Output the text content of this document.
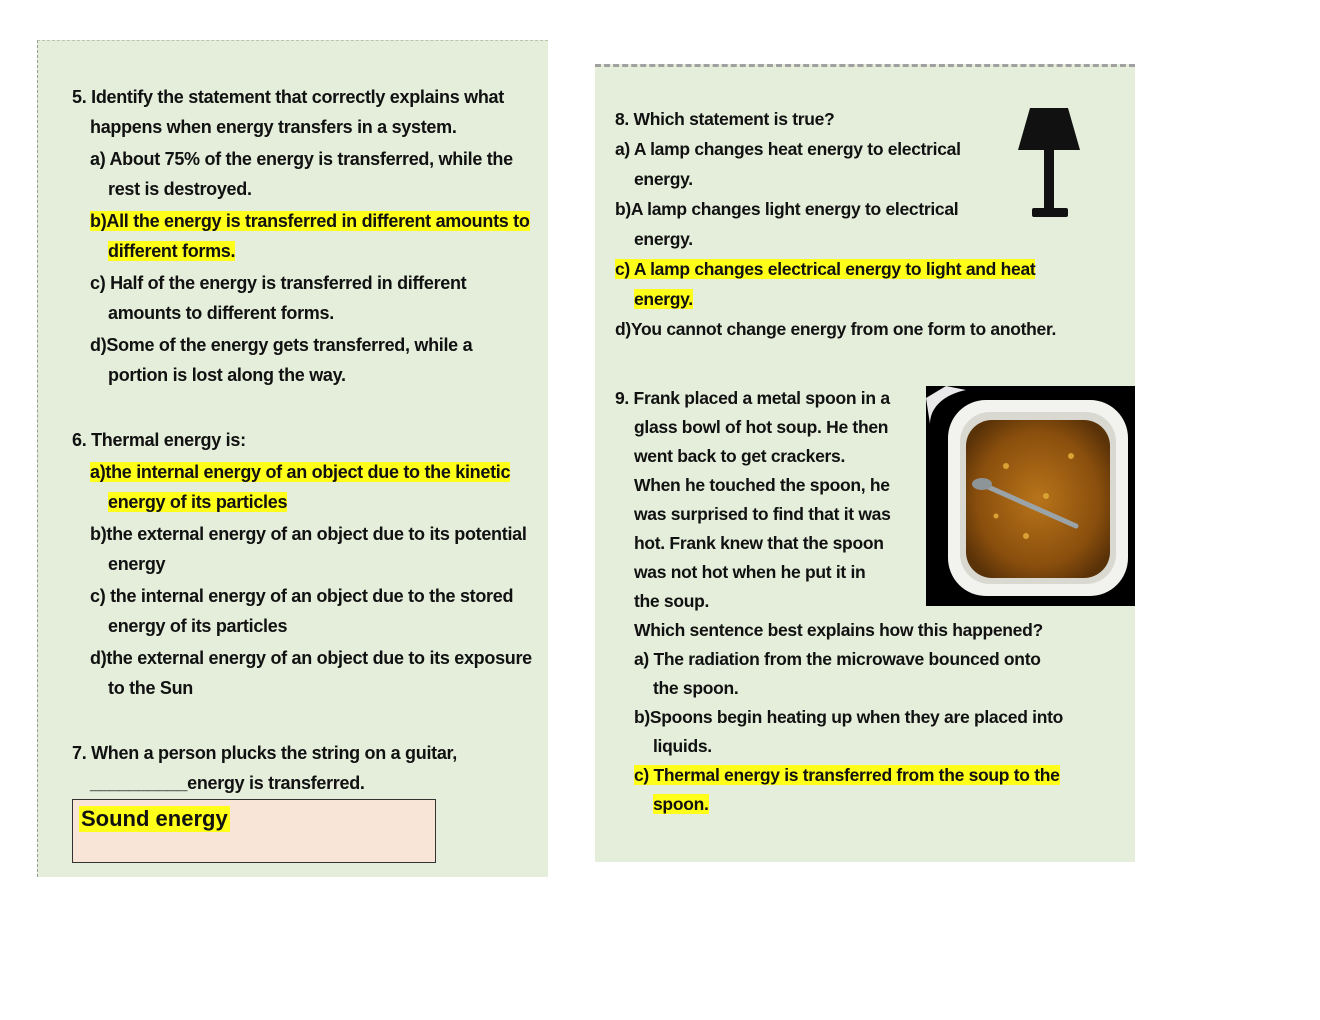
5. Identify the statement that correctly explains what
happens when energy transfers in a system.
a) About 75% of the energy is transferred, while the
rest is destroyed.
b)All the energy is transferred in different amounts to
different forms.
c) Half of the energy is transferred in different
amounts to different forms.
d)Some of the energy gets transferred, while a
portion is lost along the way.
6. Thermal energy is:
a)the internal energy of an object due to the kinetic
energy of its particles
b)the external energy of an object due to its potential
energy
c) the internal energy of an object due to the stored
energy of its particles
d)the external energy of an object due to its exposure
to the Sun
7. When a person plucks the string on a guitar,
__________energy is transferred.
Sound energy
8. Which statement is true?
a) A lamp changes heat energy to electrical
energy.
b)A lamp changes light energy to electrical
energy.
c) A lamp changes electrical energy to light and heat
energy.
d)You cannot change energy from one form to another.
9. Frank placed a metal spoon in a
glass bowl of hot soup. He then
went back to get crackers.
When he touched the spoon, he
was surprised to find that it was
hot. Frank knew that the spoon
was not hot when he put it in
the soup.
Which sentence best explains how this happened?
a) The radiation from the microwave bounced onto
the spoon.
b)Spoons begin heating up when they are placed into
liquids.
c) Thermal energy is transferred from the soup to the
spoon.
